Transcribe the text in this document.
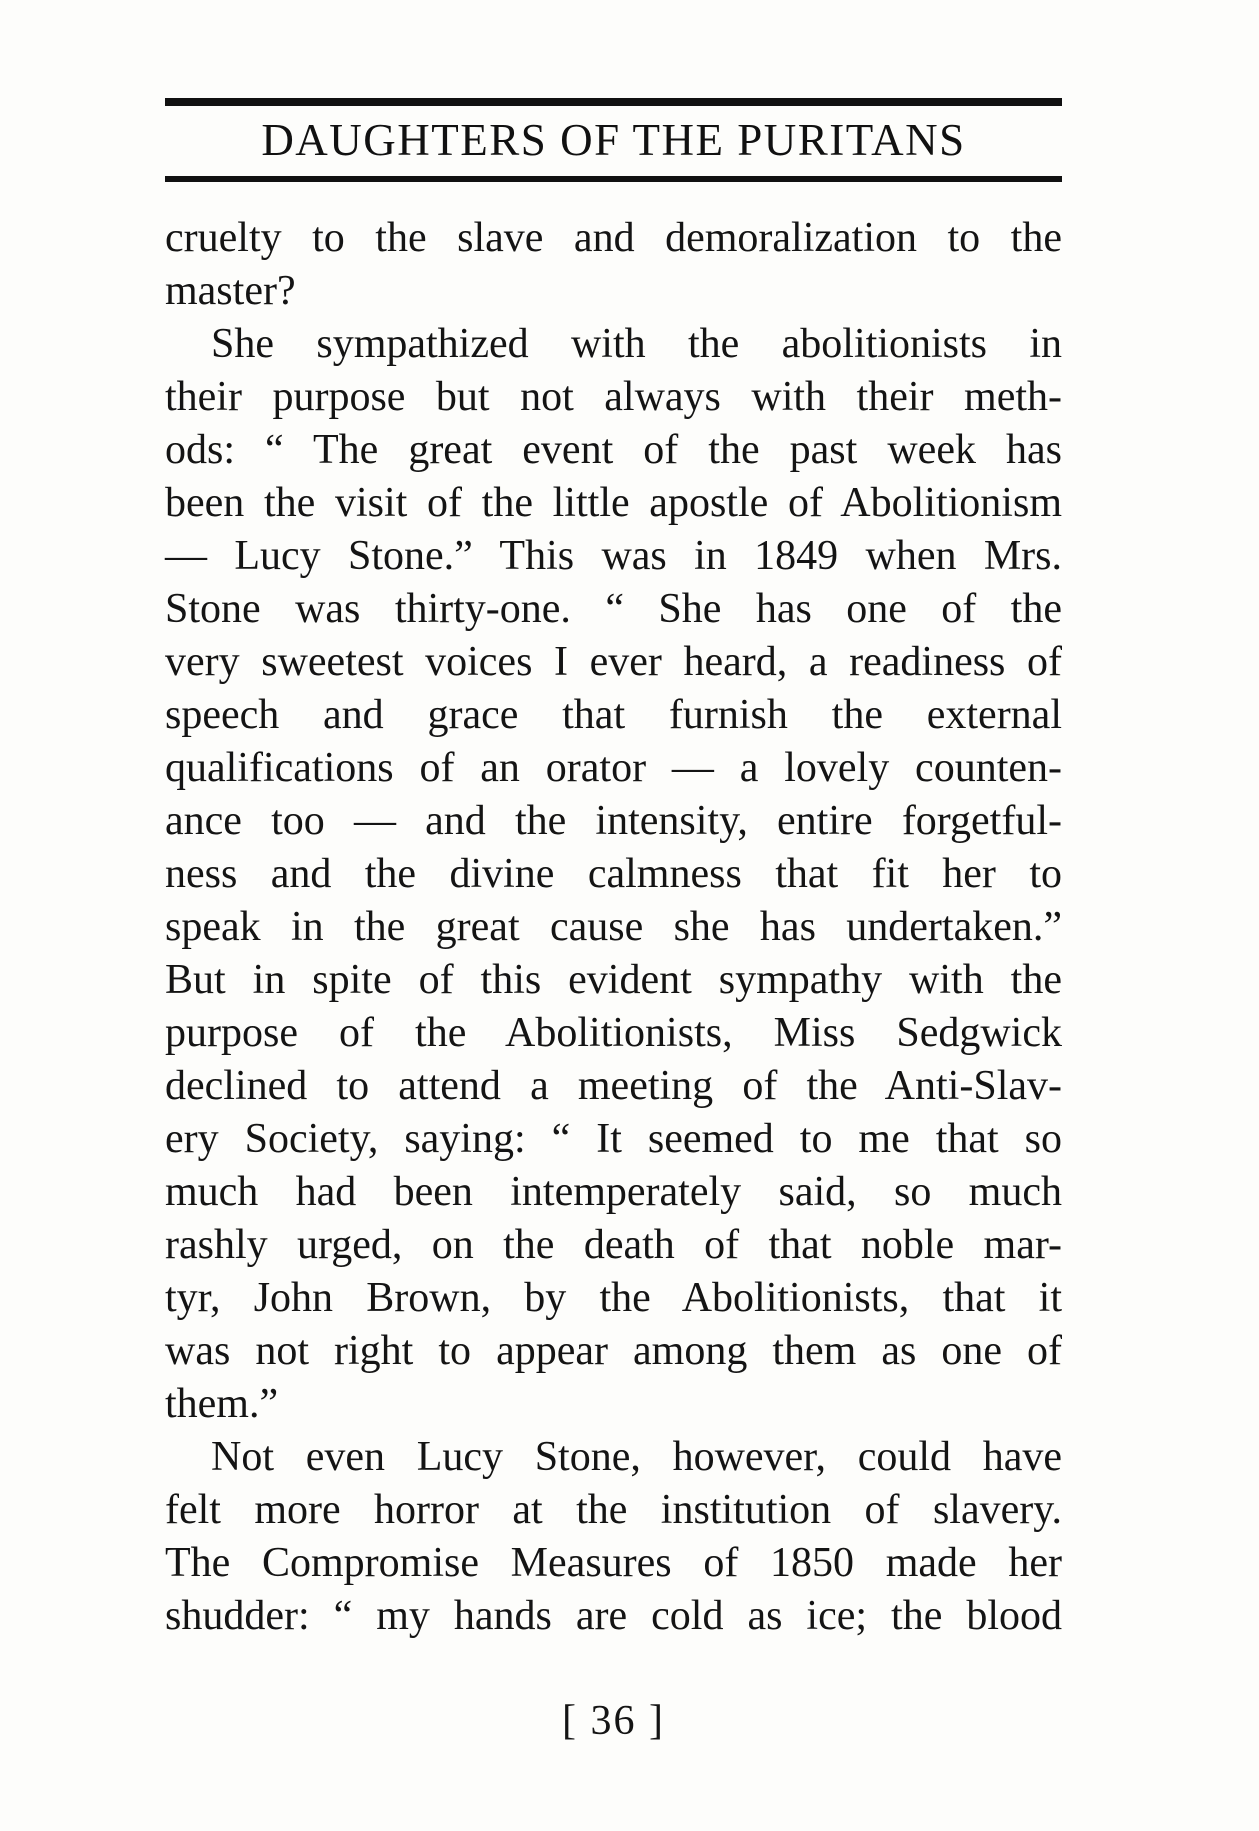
DAUGHTERS OF THE PURITANS
cruelty to the slave and demoralization to the
master?
She sympathized with the abolitionists in
their purpose but not always with their meth-
ods: “ The great event of the past week has
been the visit of the little apostle of Abolitionism
— Lucy Stone.” This was in 1849 when Mrs.
Stone was thirty-one. “ She has one of the
very sweetest voices I ever heard, a readiness of
speech and grace that furnish the external
qualifications of an orator — a lovely counten-
ance too — and the intensity, entire forgetful-
ness and the divine calmness that fit her to
speak in the great cause she has undertaken.”
But in spite of this evident sympathy with the
purpose of the Abolitionists, Miss Sedgwick
declined to attend a meeting of the Anti-Slav-
ery Society, saying: “ It seemed to me that so
much had been intemperately said, so much
rashly urged, on the death of that noble mar-
tyr, John Brown, by the Abolitionists, that it
was not right to appear among them as one of
them.”
Not even Lucy Stone, however, could have
felt more horror at the institution of slavery.
The Compromise Measures of 1850 made her
shudder: “ my hands are cold as ice; the blood
[ 36 ]
